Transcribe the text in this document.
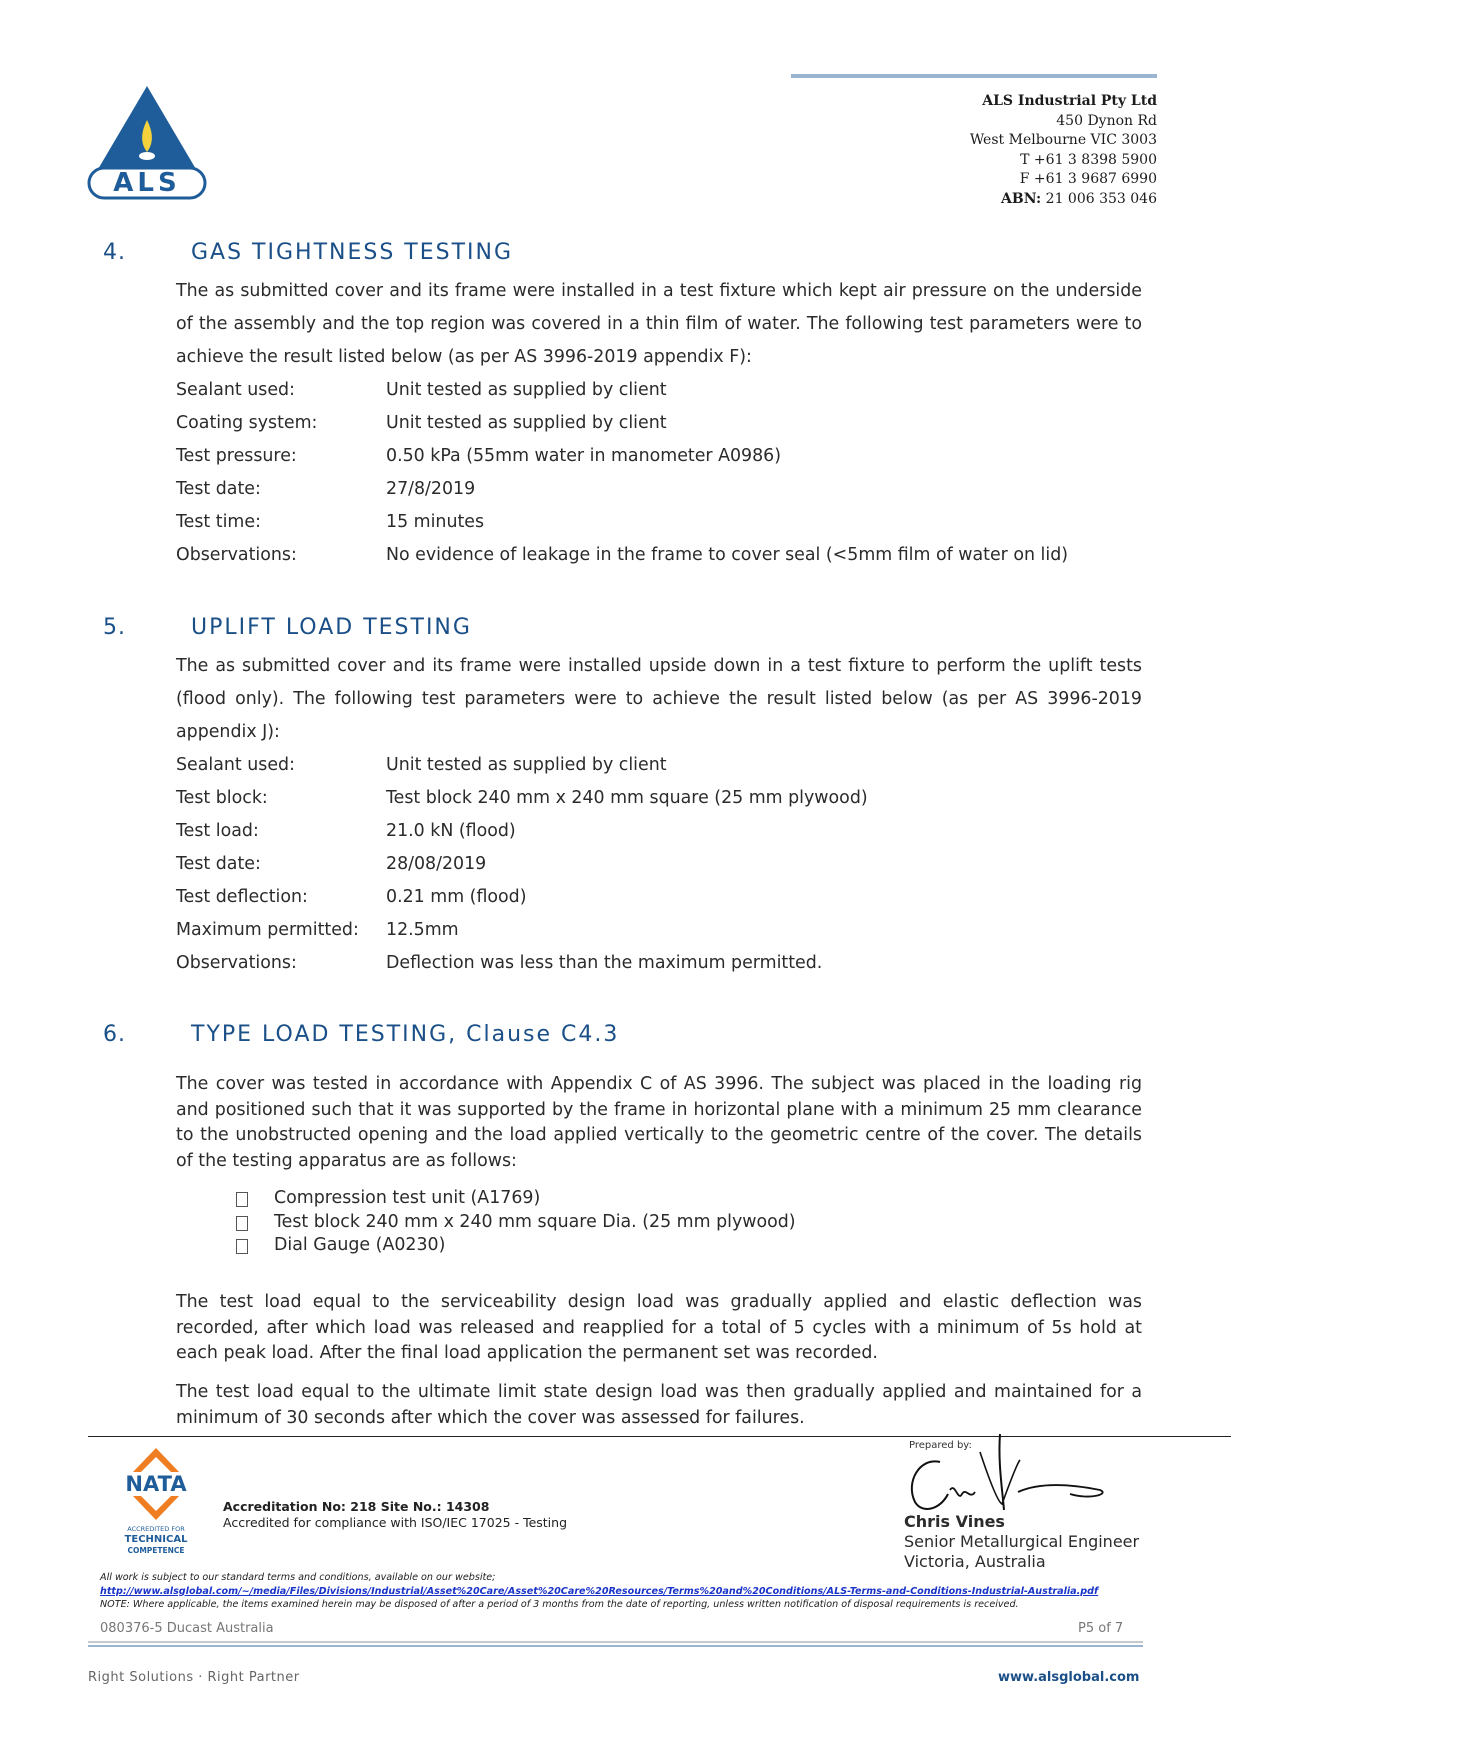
ALS
ALS Industrial Pty Ltd
450 Dynon Rd
West Melbourne VIC 3003
T +61 3 8398 5900
F +61 3 9687 6990
ABN: 21 006 353 046
4.	GAS TIGHTNESS TESTING
The as submitted cover and its frame were installed in a test fixture which kept air pressure on the underside of the assembly and the top region was covered in a thin film of water. The following test parameters were to achieve the result listed below (as per AS 3996-2019 appendix F):
Sealant used:	Unit tested as supplied by client
Coating system:	Unit tested as supplied by client
Test pressure:	0.50 kPa (55mm water in manometer A0986)
Test date:	27/8/2019
Test time:	15 minutes
Observations:	No evidence of leakage in the frame to cover seal (<5mm film of water on lid)
5.	UPLIFT LOAD TESTING
The as submitted cover and its frame were installed upside down in a test fixture to perform the uplift tests (flood only). The following test parameters were to achieve the result listed below (as per AS 3996-2019 appendix J):
Sealant used:	Unit tested as supplied by client
Test block:	Test block 240 mm x 240 mm square (25 mm plywood)
Test load:	21.0 kN (flood)
Test date:	28/08/2019
Test deflection:	0.21 mm (flood)
Maximum permitted: 12.5mm
Observations:	Deflection was less than the maximum permitted.
6.	TYPE LOAD TESTING, Clause C4.3
The cover was tested in accordance with Appendix C of AS 3996. The subject was placed in the loading rig and positioned such that it was supported by the frame in horizontal plane with a minimum 25 mm clearance to the unobstructed opening and the load applied vertically to the geometric centre of the cover. The details of the testing apparatus are as follows:
Compression test unit (A1769)
Test block 240 mm x 240 mm square Dia. (25 mm plywood)
Dial Gauge (A0230)
The test load equal to the serviceability design load was gradually applied and elastic deflection was recorded, after which load was released and reapplied for a total of 5 cycles with a minimum of 5s hold at each peak load. After the final load application the permanent set was recorded.
The test load equal to the ultimate limit state design load was then gradually applied and maintained for a minimum of 30 seconds after which the cover was assessed for failures.
NATA
ACCREDITED FOR
TECHNICAL
COMPETENCE
Accreditation No: 218 Site No.: 14308
Accredited for compliance with ISO/IEC 17025 - Testing
Prepared by:
Chris Vines
Senior Metallurgical Engineer
Victoria, Australia
All work is subject to our standard terms and conditions, available on our website;
http://www.alsglobal.com/~/media/Files/Divisions/Industrial/Asset%20Care/Asset%20Care%20Resources/Terms%20and%20Conditions/ALS-Terms-and-Conditions-Industrial-Australia.pdf
NOTE: Where applicable, the items examined herein may be disposed of after a period of 3 months from the date of reporting, unless written notification of disposal requirements is received.
080376-5 Ducast Australia	P5 of 7
Right Solutions · Right Partner	www.alsglobal.com
